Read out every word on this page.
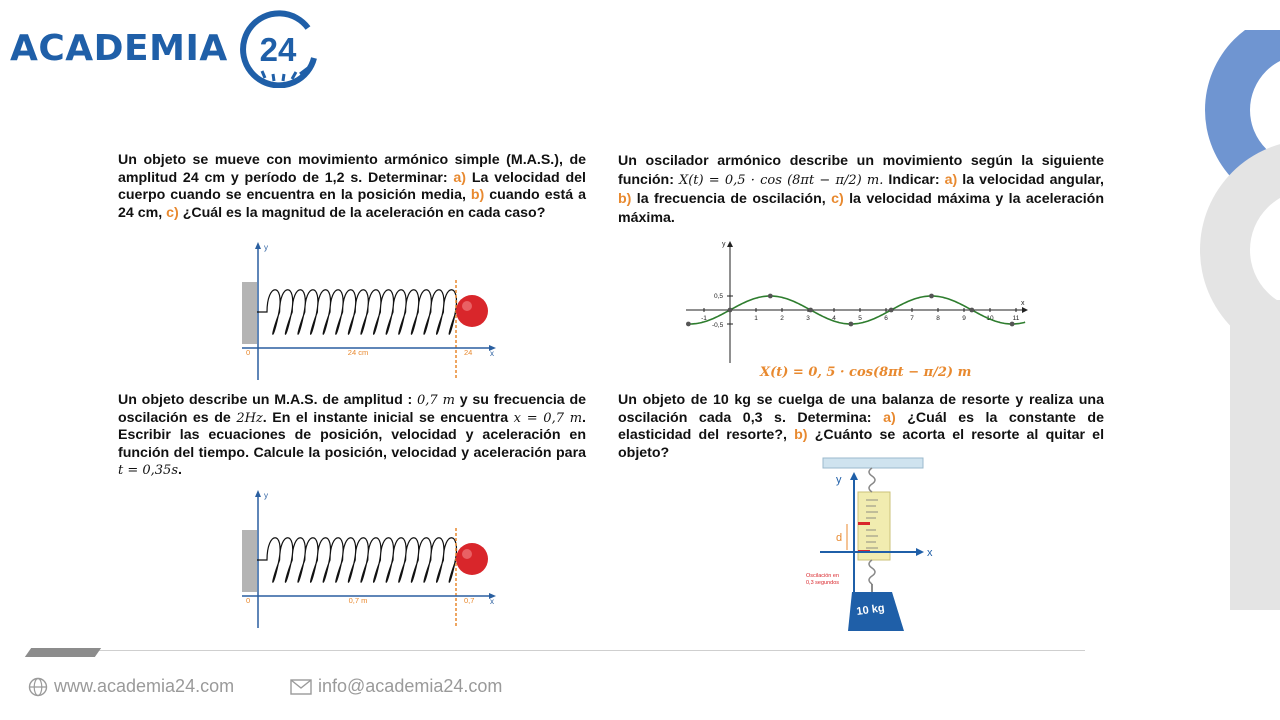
ACADEMIA 24
Un objeto se mueve con movimiento armónico simple (M.A.S.), de amplitud 24 cm y período de 1,2 s. Determinar: a) La velocidad del cuerpo cuando se encuentra en la posición media, b) cuando está a 24 cm, c) ¿Cuál es la magnitud de la aceleración en cada caso?
Un oscilador armónico describe un movimiento según la siguiente función: X(t) = 0,5 · cos (8πt − π/2) m. Indicar: a) la velocidad angular, b) la frecuencia de oscilación, c) la velocidad máxima y la aceleración máxima.
Un objeto describe un M.A.S. de amplitud : 0,7 m y su frecuencia de oscilación es de 2Hz. En el instante inicial se encuentra x = 0,7 m. Escribir las ecuaciones de posición, velocidad y aceleración en función del tiempo. Calcule la posición, velocidad y aceleración para t = 0,35s.
Un objeto de 10 kg se cuelga de una balanza de resorte y realiza una oscilación cada 0,3 s. Determina: a) ¿Cuál es la constante de elasticidad del resorte?, b) ¿Cuánto se acorta el resorte al quitar el objeto?
y
x
0	24 cm	24
y
x
0	0,7 m	0,7
y
x
0,5
-0,5
-1	1	2	3	4	5	6	7	8	9	10	11
X(t) = 0, 5 · cos(8πt − π/2) m
y
x
d
Oscilación en
0,3 segundos
10 kg
www.academia24.com	info@academia24.com
